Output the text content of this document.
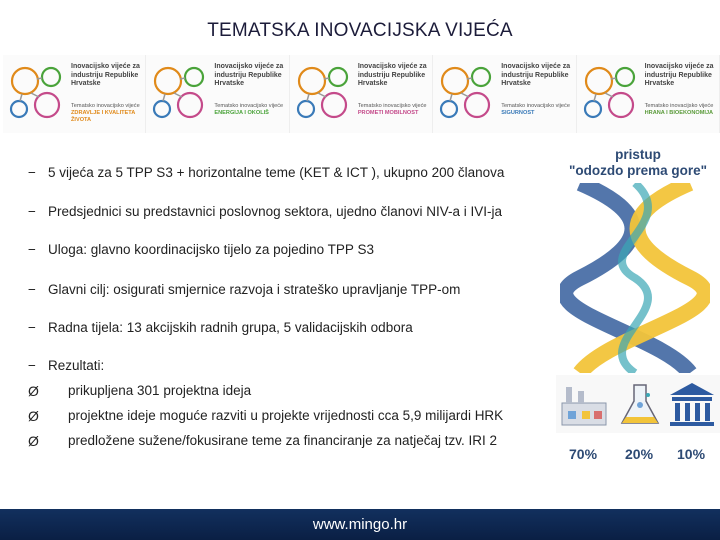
TEMATSKA INOVACIJSKA VIJEĆA
Inovacijsko vijeće za industriju Republike Hrvatske
Tematsko inovacijsko vijeće
ZDRAVLJE I KVALITETA ŽIVOTA
Inovacijsko vijeće za industriju Republike Hrvatske
Tematsko inovacijsko vijeće
ENERGIJA I OKOLIŠ
Inovacijsko vijeće za industriju Republike Hrvatske
Tematsko inovacijsko vijeće
PROMETI MOBILNOST
Inovacijsko vijeće za industriju Republike Hrvatske
Tematsko inovacijsko vijeće
SIGURNOST
Inovacijsko vijeće za industriju Republike Hrvatske
Tematsko inovacijsko vijeće
HRANA I BIOEKONOMIJA
− 5 vijeća za 5 TPP S3 + horizontalne teme (KET & ICT ), ukupno 200 članova
− Predsjednici su predstavnici poslovnog sektora, ujedno članovi NIV-a i IVI-ja
− Uloga: glavno koordinacijsko tijelo za pojedino TPP S3
− Glavni cilj: osigurati smjernice razvoja i strateško upravljanje TPP-om
− Radna tijela: 13 akcijskih radnih grupa, 5 validacijskih odbora
− Rezultati:
Ø prikupljena 301 projektna ideja
Ø projektne ideje moguće razviti u projekte vrijednosti cca 5,9 milijardi HRK
Ø predložene sužene/fokusirane teme za financiranje za natječaj tzv. IRI 2
pristup
"odozdo prema gore"
70% 20% 10%
www.mingo.hr
